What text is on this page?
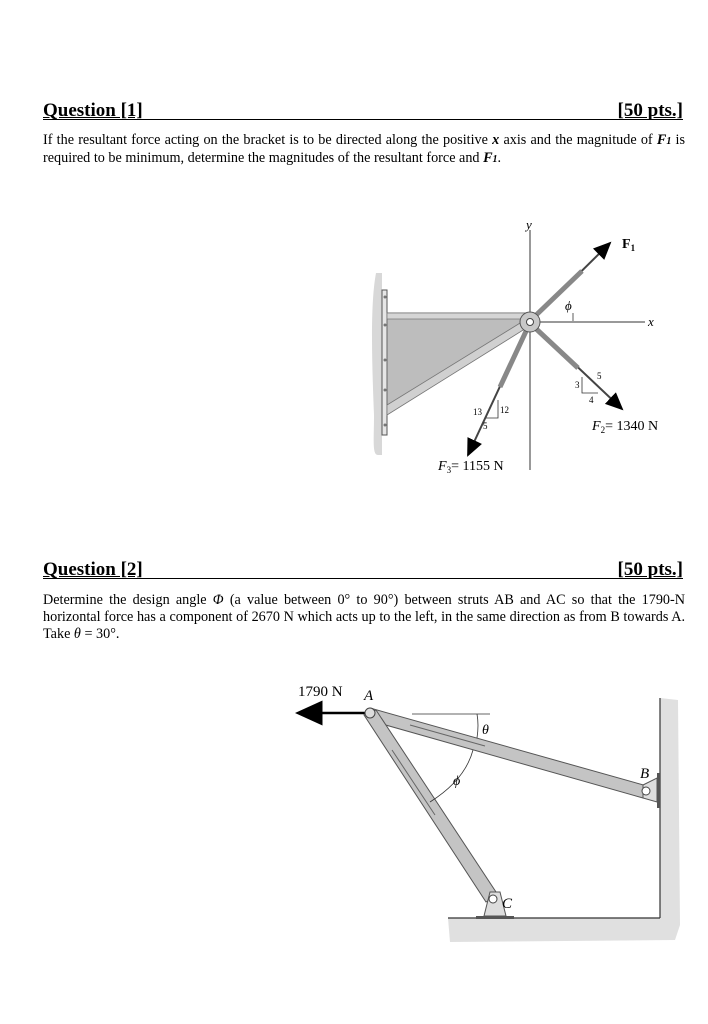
Question [1]	[50 pts.]
If the resultant force acting on the bracket is to be directed along the positive x axis and the magnitude of F1 is required to be minimum, determine the magnitudes of the resultant force and F1.
y
x
ϕ
$F_1$
3
5
4
$F_2= 1340$ N
13 12
5
$F_3= 1155$ N
Question [2]	[50 pts.]
Determine the design angle Φ (a value between 0° to 90°) between struts AB and AC so that the 1790-N horizontal force has a component of 2670 N which acts up to the left, in the same direction as from B towards A. Take θ = 30°.
1790 N A
B
C
θ
ϕ
